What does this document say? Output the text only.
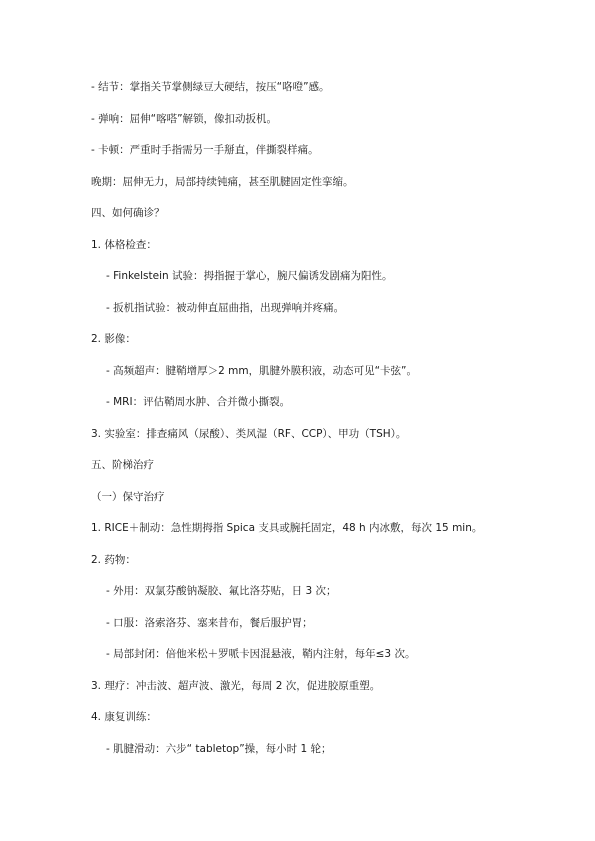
- 结节：掌指关节掌侧绿豆大硬结，按压“咯噔”感。
- 弹响：屈伸“喀嗒”解锁，像扣动扳机。
- 卡顿：严重时手指需另一手掰直，伴撕裂样痛。
晚期：屈伸无力，局部持续钝痛，甚至肌腱固定性挛缩。
四、如何确诊？
1. 体格检查：
- Finkelstein 试验：拇指握于掌心，腕尺偏诱发剧痛为阳性。
- 扳机指试验：被动伸直屈曲指，出现弹响并疼痛。
2. 影像：
- 高频超声：腱鞘增厚＞2 mm，肌腱外膜积液，动态可见“卡弦”。
- MRI：评估鞘周水肿、合并微小撕裂。
3. 实验室：排查痛风（尿酸）、类风湿（RF、CCP）、甲功（TSH）。
五、阶梯治疗
（一）保守治疗
1. RICE＋制动：急性期拇指 Spica 支具或腕托固定，48 h 内冰敷，每次 15 min。
2. 药物：
- 外用：双氯芬酸钠凝胶、氟比洛芬贴，日 3 次；
- 口服：洛索洛芬、塞来昔布，餐后服护胃；
- 局部封闭：倍他米松＋罗哌卡因混悬液，鞘内注射，每年≤3 次。
3. 理疗：冲击波、超声波、激光，每周 2 次，促进胶原重塑。
4. 康复训练：
- 肌腱滑动：六步“ tabletop”操，每小时 1 轮；
